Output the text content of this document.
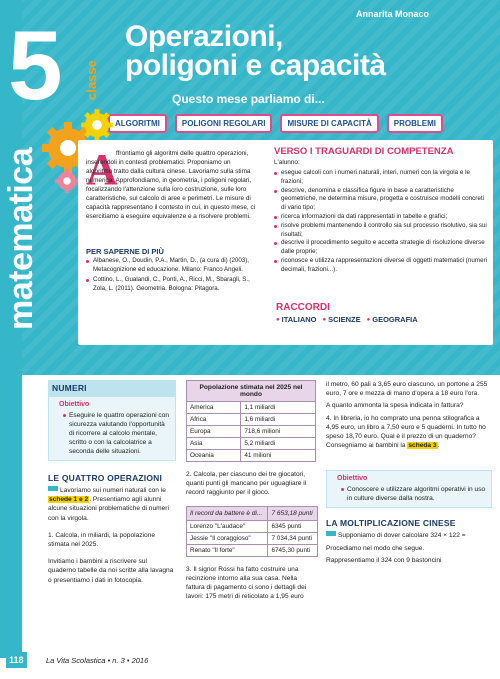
5 classe
Annarita Monaco
Operazioni,
poligoni e capacità
Questo mese parliamo di...
ALGORITMI	POLIGONI REGOLARI	MISURE DI CAPACITÀ	PROBLEMI
matematica A
ffrontiamo gli algoritmi delle quattro operazioni, inserendoli in contesti problematici. Proponiamo un algoritmo tratto dalla cultura cinese. Lavoriamo sulla stima numerica. Approfondiamo, in geometria, i poligoni regolari, focalizzando l'attenzione sulla loro costruzione, sulle loro caratteristiche, sul calcolo di aree e perimetri. Le misure di capacità rappresentano il contesto in cui, in questo mese, ci esercitiamo a eseguire equivalenze e a risolvere problemi.
PER SAPERNE DI PIÙ
Albanese, O., Doudin, P.A., Martin, D., (a cura di) (2003), Metacognizione ed educazione. Milano: Franco Angeli.
Cottino, L., Gualandi, C., Ponti, A., Ricci, M., Sbaragli, S., Zola, L. (2011). Geometria. Bologna: Pitagora.
VERSO I TRAGUARDI DI COMPETENZA
L'alunno:
esegue calcoli con i numeri naturali, interi, numeri con la virgola e le frazioni;
descrive, denomina e classifica figure in base a caratteristiche geometriche, ne determina misure, progetta e costruisce modelli concreti di vario tipo;
ricerca informazioni da dati rappresentati in tabelle e grafici;
risolve problemi mantenendo il controllo sia sul processo risolutivo, sia sui risultati;
descrive il procedimento seguito e accetta strategie di risoluzione diverse dalle proprie;
riconosce e utilizza rappresentazioni diverse di oggetti matematici (numeri decimali, frazioni...).
RACCORDI
● ITALIANO	● SCIENZE	● GEOGRAFIA
NUMERI
Obiettivo
Eseguire le quattro operazioni con sicurezza valutando l'opportunità di ricorrere al calcolo mentale, scritto o con la calcolatrice a seconda delle situazioni.
LE QUATTRO OPERAZIONI

Lavoriamo sui numeri naturali con le schede 1 e 2. Presentiamo agli alunni alcune situazioni problematiche di numeri con la virgola.

1. Calcola, in miliardi, la popolazione stimata nel 2025.

Invitiamo i bambini a riscrivere sul quaderno tabelle da noi scritte alla lavagna o presentiamo i dati in fotocopia.

Popolazione stimata nel 2025 nel mondo	
America	1,1 miliardi
Africa	1,6 miliardi
Europa	718,6 milioni
Asia	5,2 miliardi
Oceania	41 milioni

2. Calcola, per ciascuno dei tre giocatori, quanti punti gli mancano per uguagliare il record raggiunto per il gioco.

Il record da battere è di...	7 653,18 punti
Lorenzo "L'audace"	6345 punti
Jessie "Il coraggioso"	7 034,34 punti
Renato "Il forte"	6745,30 punti

3. Il signor Rossi ha fatto costruire una recinzione intorno alla sua casa. Nella fattura di pagamento ci sono i dettagli dei lavori: 175 metri di reticolato a 1,95 euro

il metro, 60 pali a 3,65 euro ciascuno, un portone a 255 euro, 7 ore e mezza di mano d'opera a 18 euro l'ora.

A quanto ammonta la spesa indicata in fattura?

4. In libreria, io ho comprato una penna stilografica a 4,95 euro, un libro a 7,50 euro e 5 quaderni. In tutto ho speso 18,70 euro. Qual è il prezzo di un quaderno? Consegniamo ai bambini la scheda 3.

Obiettivo
Conoscere e utilizzare algoritmi operativi in uso in culture diverse dalla nostra.
LA MOLTIPLICAZIONE CINESE

Supponiamo di dover calcolare 324 × 122 =

Procediamo nel modo che segue.

Rappresentiamo il 324 con 9 bastoncini

118	La Vita Scolastica • n. 3 • 2016
